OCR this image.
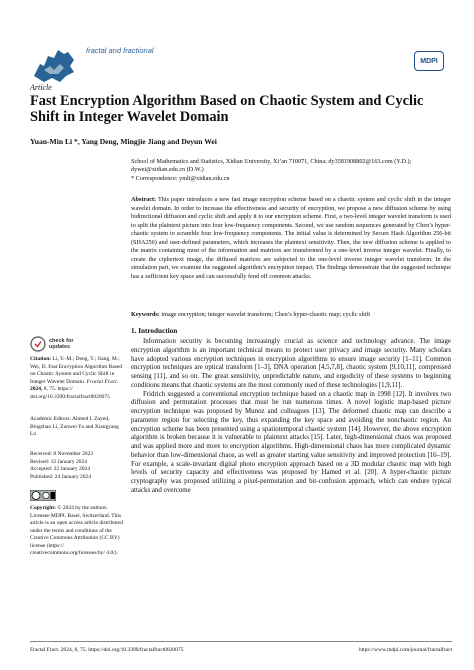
fractal and fractional
MDPI
Article
Fast Encryption Algorithm Based on Chaotic System and Cyclic Shift in Integer Wavelet Domain
Yuan-Min Li *, Yang Deng, Mingjie Jiang and Deyun Wei
School of Mathematics and Statistics, Xidian University, Xi’an 710071, China; dy3581908802@163.com (Y.D.);
dywei@xidian.edu.cn (D.W.)
* Correspondence: ymli@xidian.edu.cn
Abstract: This paper introduces a new fast image encryption scheme based on a chaotic system and cyclic shift in the integer wavelet domain. In order to increase the effectiveness and security of encryption, we propose a new diffusion scheme by using bidirectional diffusion and cyclic shift and apply it to our encryption scheme. First, a two-level integer wavelet transform is used to split the plaintext picture into four low-frequency components. Second, we use random sequences generated by Chen’s hyper-chaotic system to scramble four low-frequency components. The initial value is determined by Secure Hash Algorithm 256-bit (SHA256) and user-defined parameters, which increases the plaintext sensitivity. Then, the new diffusion scheme is applied to the matrix containing most of the information and matrices are transformed by a one-level inverse integer wavelet. Finally, to create the ciphertext image, the diffused matrices are subjected to the one-level inverse integer wavelet transform. In the simulation part, we examine the suggested algorithm’s encryption impact. The findings demonstrate that the suggested technique has a sufficient key space and can successfully fend off common attacks.
Keywords: image encryption; integer wavelet transform; Chen’s hyper-chaotic map; cyclic shift
check for updates
Citation: Li, Y.-M.; Deng, Y.; Jiang, M.; Wei, D. Fast Encryption Algorithm Based on Chaotic System and Cyclic Shift in Integer Wavelet Domain. Fractal Fract. 2024, 8, 75. https:// doi.org/10.3390/fractalfract8020075
Academic Editors: Ahmed I. Zayed, Bingzhao Li, Zunwei Fu and Xiangyang Lu
Received: 8 November 2023
Revised: 12 January 2024
Accepted: 22 January 2024
Published: 24 January 2024
Copyright: © 2024 by the authors. Licensee MDPI, Basel, Switzerland. This article is an open access article distributed under the terms and conditions of the Creative Commons Attribution (CC BY) license (https:// creativecommons.org/licenses/by/ 4.0/).
1. Introduction

Information security is becoming increasingly crucial as science and technology advance. The image encryption algorithm is an important technical means to protect user privacy and image security. Many scholars have adopted various encryption techniques in encryption algorithms to ensure image security [1–11]. Common encryption techniques are optical transform [1–3], DNA operation [4,5,7,8], chaotic system [9,10,11], compressed sensing [11], and so on. The great sensitivity, unpredictable nature, and ergodicity of these systems to beginning conditions means that chaotic systems are the most commonly used of these technologies [1,9,11].

Fridrich suggested a conventional encryption technique based on a chaotic map in 1998 [12]. It involves two diffusion and permutation processes that must be run numerous times. A novel logistic map-based picture encryption technique was proposed by Munoz and colleagues [13]. The deformed chaotic map can describe a parameter region for selecting the key, thus expanding the key space and avoiding the nonchaotic region. An encryption scheme has been presented using a spatiotemporal chaotic system [14]. However, the above encryption algorithm is broken because it is vulnerable to plaintext attacks [15]. Later, high-dimensional chaos was proposed and was applied more and more to encryption algorithms. High-dimensional chaos has more complicated dynamic behavior than low-dimensional chaos, as well as greater starting value sensitivity and improved protection [16–19]. For example, a scale-invariant digital photo encryption approach based on a 3D modular chaotic map with high levels of security capacity and effectiveness was proposed by Hamed et al. [20]. A hyper-chaotic picture cryptography was proposed utilizing a pixel-permutation and bit-confusion approach, which can endure typical attacks and overcome

Fractal Fract. 2024, 8, 75. https://doi.org/10.3390/fractalfract8020075	https://www.mdpi.com/journal/fractalfract
